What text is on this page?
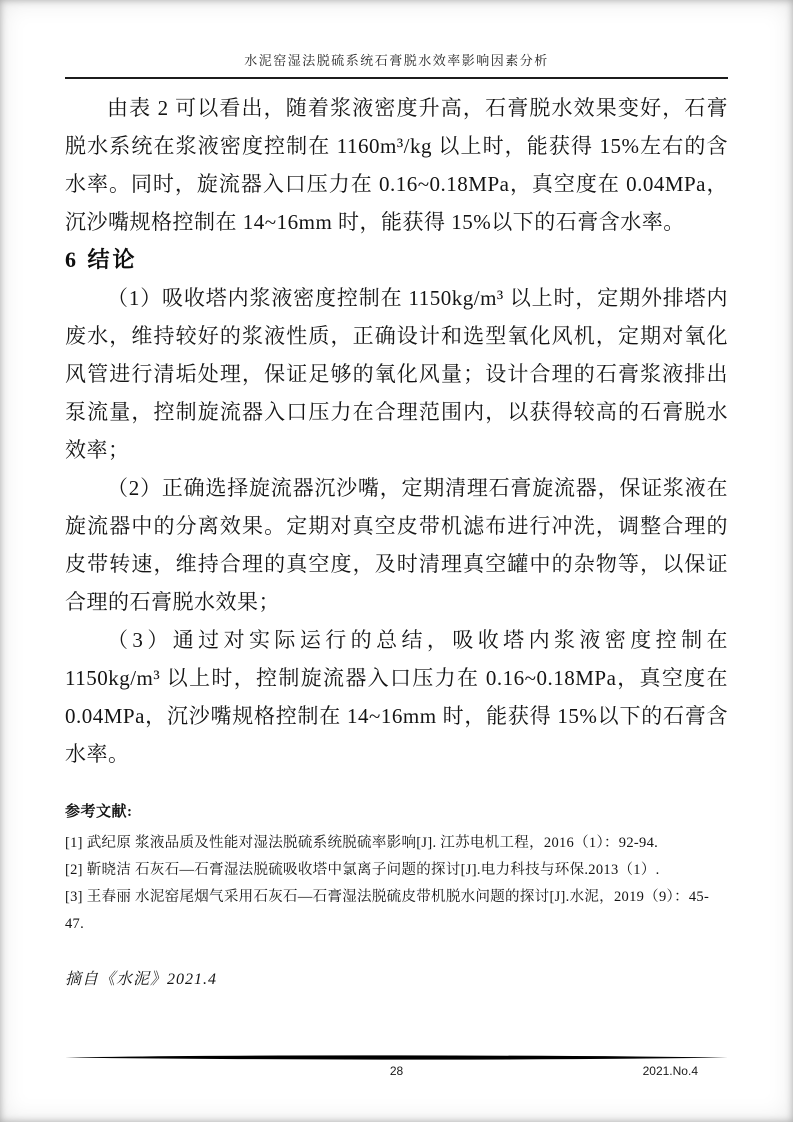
水泥窑湿法脱硫系统石膏脱水效率影响因素分析

由表 2 可以看出，随着浆液密度升高，石膏脱水效果变好，石膏脱水系统在浆液密度控制在 1160m³/kg 以上时，能获得 15%左右的含水率。同时，旋流器入口压力在 0.16~0.18MPa，真空度在 0.04MPa，沉沙嘴规格控制在 14~16mm 时，能获得 15%以下的石膏含水率。

6 结论

（1）吸收塔内浆液密度控制在 1150kg/m³ 以上时，定期外排塔内废水，维持较好的浆液性质，正确设计和选型氧化风机，定期对氧化风管进行清垢处理，保证足够的氧化风量；设计合理的石膏浆液排出泵流量，控制旋流器入口压力在合理范围内，以获得较高的石膏脱水效率；

（2）正确选择旋流器沉沙嘴，定期清理石膏旋流器，保证浆液在旋流器中的分离效果。定期对真空皮带机滤布进行冲洗，调整合理的皮带转速，维持合理的真空度，及时清理真空罐中的杂物等，以保证合理的石膏脱水效果；

（3）通过对实际运行的总结，吸收塔内浆液密度控制在 1150kg/m³ 以上时，控制旋流器入口压力在 0.16~0.18MPa，真空度在 0.04MPa，沉沙嘴规格控制在 14~16mm 时，能获得 15%以下的石膏含水率。

参考文献:
[1] 武纪原 浆液品质及性能对湿法脱硫系统脱硫率影响[J]. 江苏电机工程，2016（1）：92-94.
[2] 靳晓洁 石灰石—石膏湿法脱硫吸收塔中氯离子问题的探讨[J].电力科技与环保.2013（1）.
[3] 王春丽 水泥窑尾烟气采用石灰石—石膏湿法脱硫皮带机脱水问题的探讨[J].水泥，2019（9）：45-47.
摘自《水泥》2021.4
28	2021.No.4
